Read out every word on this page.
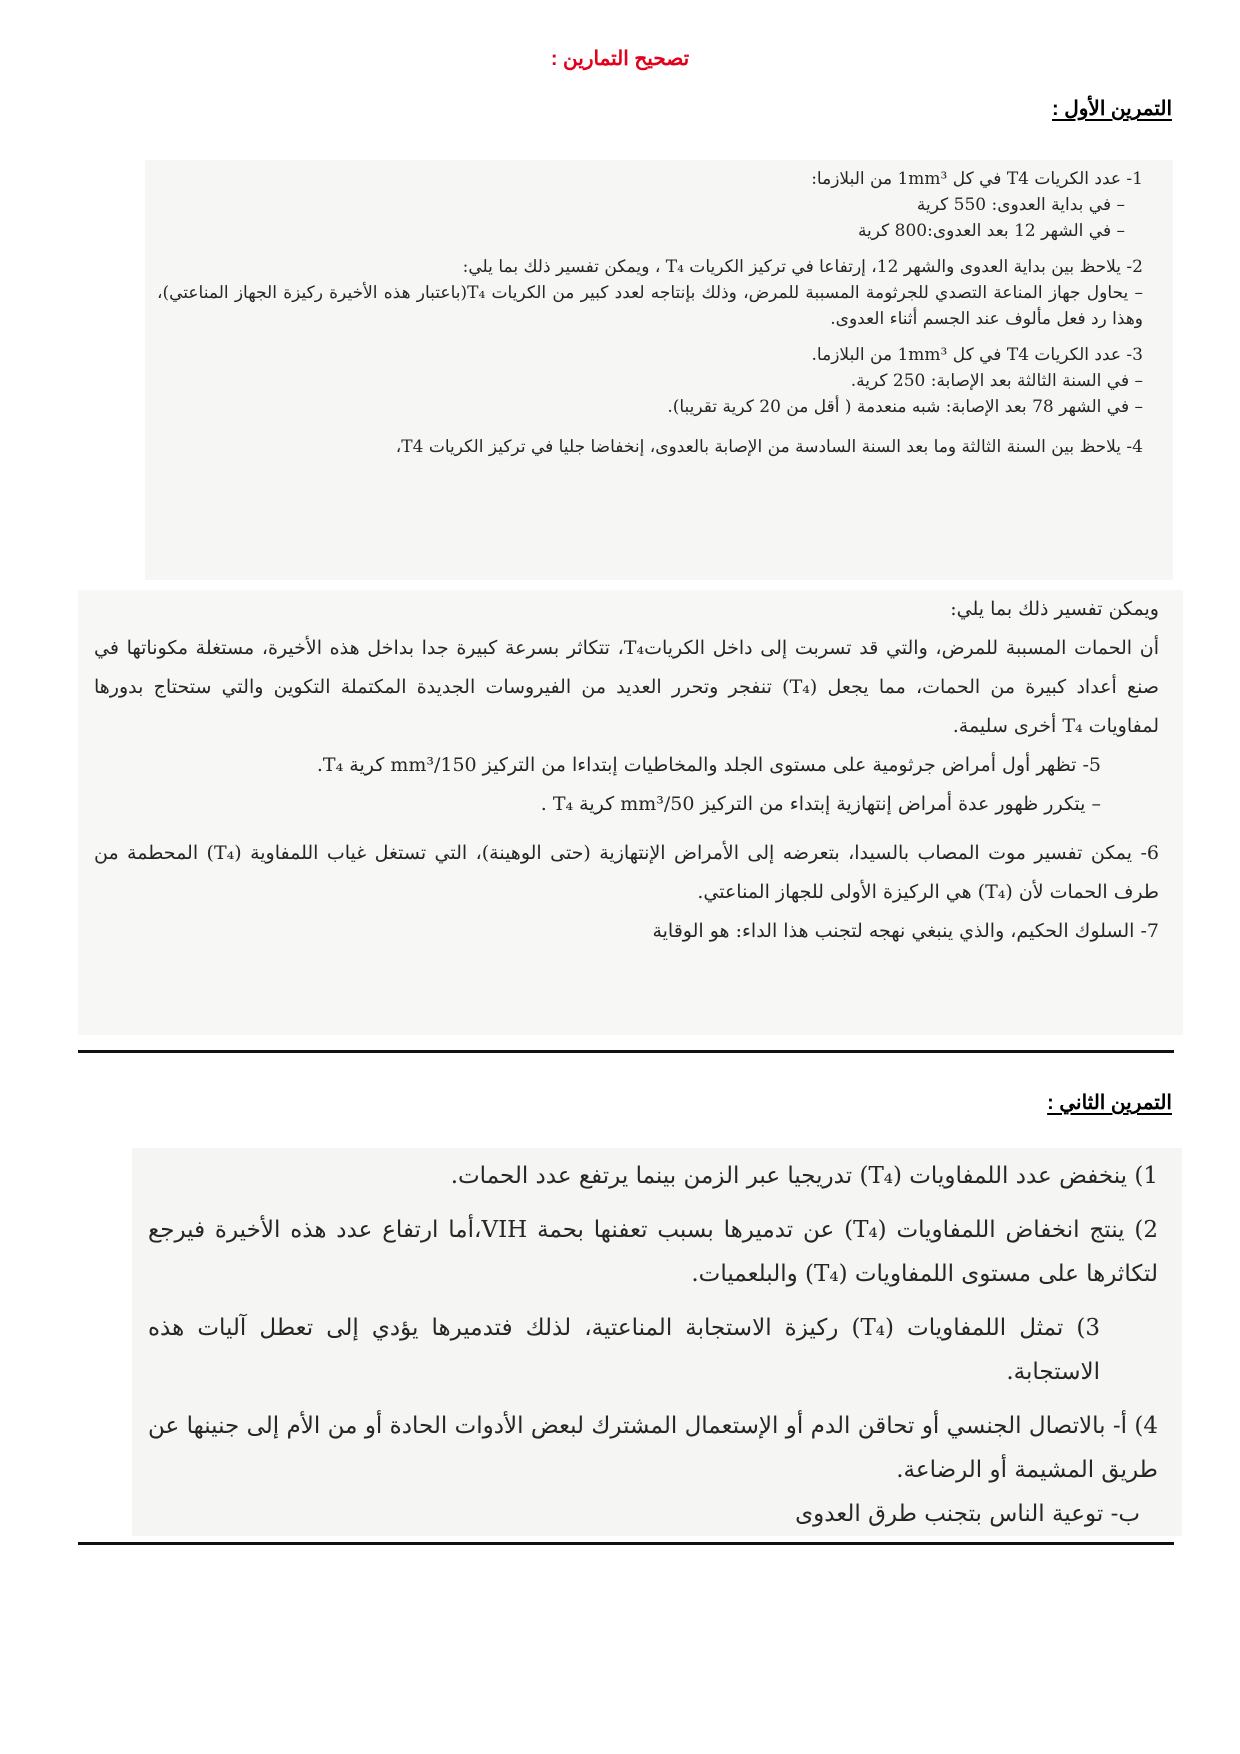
تصحيح التمارين :
التمرين الأول :

1- عدد الكريات T4 في كل 1mm³ من البلازما:

– في بداية العدوى: 550 كرية

– في الشهر 12 بعد العدوى:800 كرية

2- يلاحظ بين بداية العدوى والشهر 12، إرتفاعا في تركيز الكريات T₄ ، ويمكن تفسير ذلك بما يلي:

– يحاول جهاز المناعة التصدي للجرثومة المسببة للمرض، وذلك بإنتاجه لعدد كبير من الكريات T₄(باعتبار هذه الأخيرة ركيزة الجهاز المناعتي)، وهذا رد فعل مألوف عند الجسم أثناء العدوى.

3- عدد الكريات T4 في كل 1mm³ من البلازما.

– في السنة الثالثة بعد الإصابة: 250 كرية.

– في الشهر 78 بعد الإصابة: شبه منعدمة ( أقل من 20 كرية تقريبا).

4- يلاحظ بين السنة الثالثة وما بعد السنة السادسة من الإصابة بالعدوى، إنخفاضا جليا في تركيز الكريات T4،

ويمكن تفسير ذلك بما يلي:

أن الحمات المسببة للمرض، والتي قد تسربت إلى داخل الكرياتT₄، تتكاثر بسرعة كبيرة جدا بداخل هذه الأخيرة، مستغلة مكوناتها في صنع أعداد كبيرة من الحمات، مما يجعل (T₄) تنفجر وتحرر العديد من الفيروسات الجديدة المكتملة التكوين والتي ستحتاج بدورها لمفاويات T₄ أخرى سليمة.

5- تظهر أول أمراض جرثومية على مستوى الجلد والمخاطيات إبتداءا من التركيز 150/mm³ كرية T₄.

– يتكرر ظهور عدة أمراض إنتهازية إبتداء من التركيز 50/mm³ كرية T₄ .

6- يمكن تفسير موت المصاب بالسيدا، بتعرضه إلى الأمراض الإنتهازية (حتى الوهينة)، التي تستغل غياب اللمفاوية (T₄) المحطمة من طرف الحمات لأن (T₄) هي الركيزة الأولى للجهاز المناعتي.

7- السلوك الحكيم، والذي ينبغي نهجه لتجنب هذا الداء: هو الوقاية

التمرين الثاني :

1) ينخفض عدد اللمفاويات (T₄) تدريجيا عبر الزمن بينما يرتفع عدد الحمات.

2) ينتج انخفاض اللمفاويات (T₄) عن تدميرها بسبب تعفنها بحمة VIH،أما ارتفاع عدد هذه الأخيرة فيرجع لتكاثرها على مستوى اللمفاويات (T₄) والبلعميات.

3) تمثل اللمفاويات (T₄) ركيزة الاستجابة المناعتية، لذلك فتدميرها يؤدي إلى تعطل آليات هذه الاستجابة.

4) أ- بالاتصال الجنسي أو تحاقن الدم أو الإستعمال المشترك لبعض الأدوات الحادة أو من الأم إلى جنينها عن طريق المشيمة أو الرضاعة.

ب- توعية الناس بتجنب طرق العدوى
